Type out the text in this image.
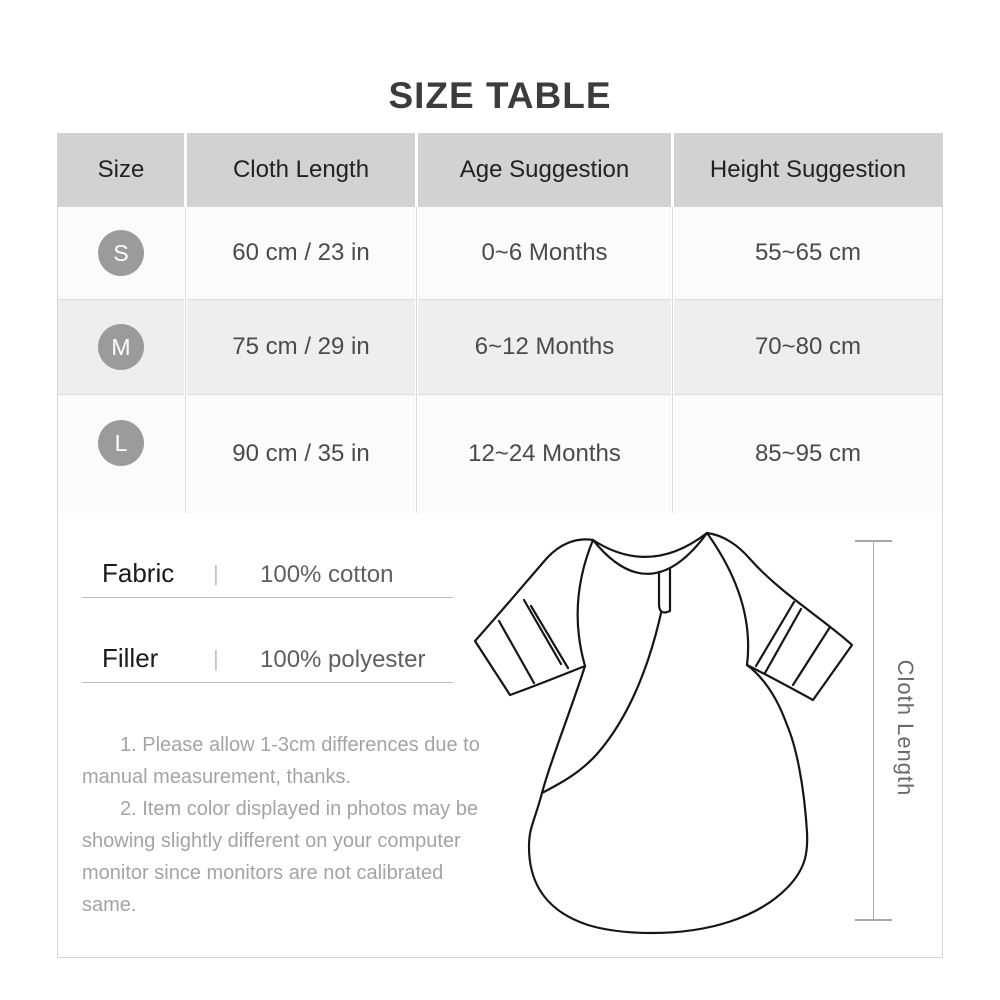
SIZE TABLE
Size	Cloth Length	Age Suggestion	Height Suggestion
S	60 cm / 23 in	0~6 Months	55~65 cm
M	75 cm / 29 in	6~12 Months	70~80 cm
L	90 cm / 35 in	12~24 Months	85~95 cm
Fabric | 100% cotton
Filler | 100% polyester

1. Please allow 1-3cm differences due to manual measurement, thanks.

2. Item color displayed in photos may be showing slightly different on your computer monitor since monitors are not calibrated same.

Cloth Length
